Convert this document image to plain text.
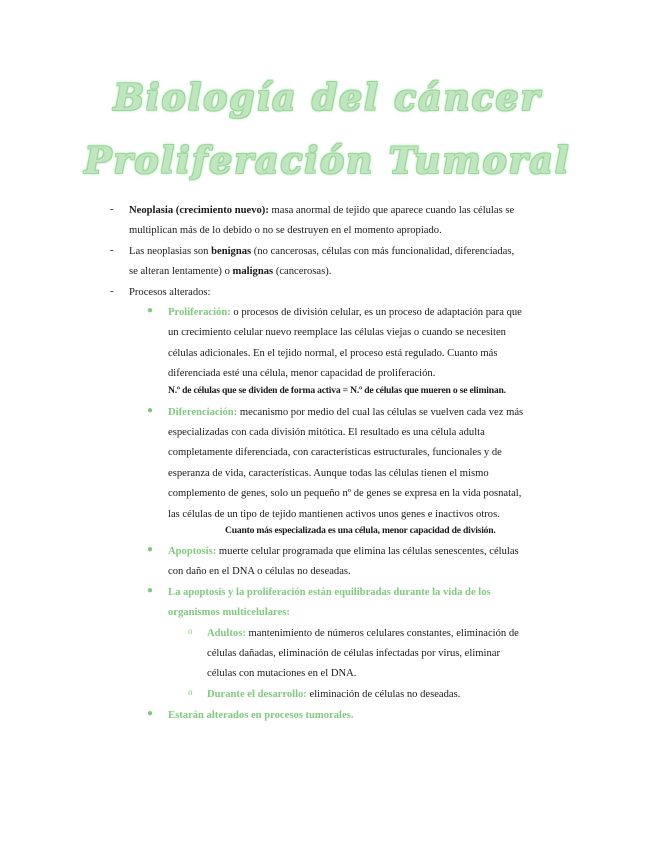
Biología del cáncer
Proliferación Tumoral
- Neoplasia (crecimiento nuevo): masa anormal de tejido que aparece cuando las células se
multiplican más de lo debido o no se destruyen en el momento apropiado.
- Las neoplasias son benignas (no cancerosas, células con más funcionalidad, diferenciadas,
se alteran lentamente) o malignas (cancerosas).
- Procesos alterados:
● Proliferación: o procesos de división celular, es un proceso de adaptación para que
un crecimiento celular nuevo reemplace las células viejas o cuando se necesiten
células adicionales. En el tejido normal, el proceso está regulado. Cuanto más
diferenciada esté una célula, menor capacidad de proliferación.
N.º de células que se dividen de forma activa = N.º de células que mueren o se eliminan.
● Diferenciación: mecanismo por medio del cual las células se vuelven cada vez más
especializadas con cada división mitótica. El resultado es una célula adulta
completamente diferenciada, con características estructurales, funcionales y de
esperanza de vida, características. Aunque todas las células tienen el mismo
complemento de genes, solo un pequeño nº de genes se expresa en la vida posnatal,
las células de un tipo de tejido mantienen activos unos genes e inactivos otros.
Cuanto más especializada es una célula, menor capacidad de división.
● Apoptosis: muerte celular programada que elimina las células senescentes, células
con daño en el DNA o células no deseadas.
● La apoptosis y la proliferación están equilibradas durante la vida de los
organismos multicelulares:
o Adultos: mantenimiento de números celulares constantes, eliminación de
células dañadas, eliminación de células infectadas por virus, eliminar
células con mutaciones en el DNA.
o Durante el desarrollo: eliminación de células no deseadas.
● Estarán alterados en procesos tumorales.
